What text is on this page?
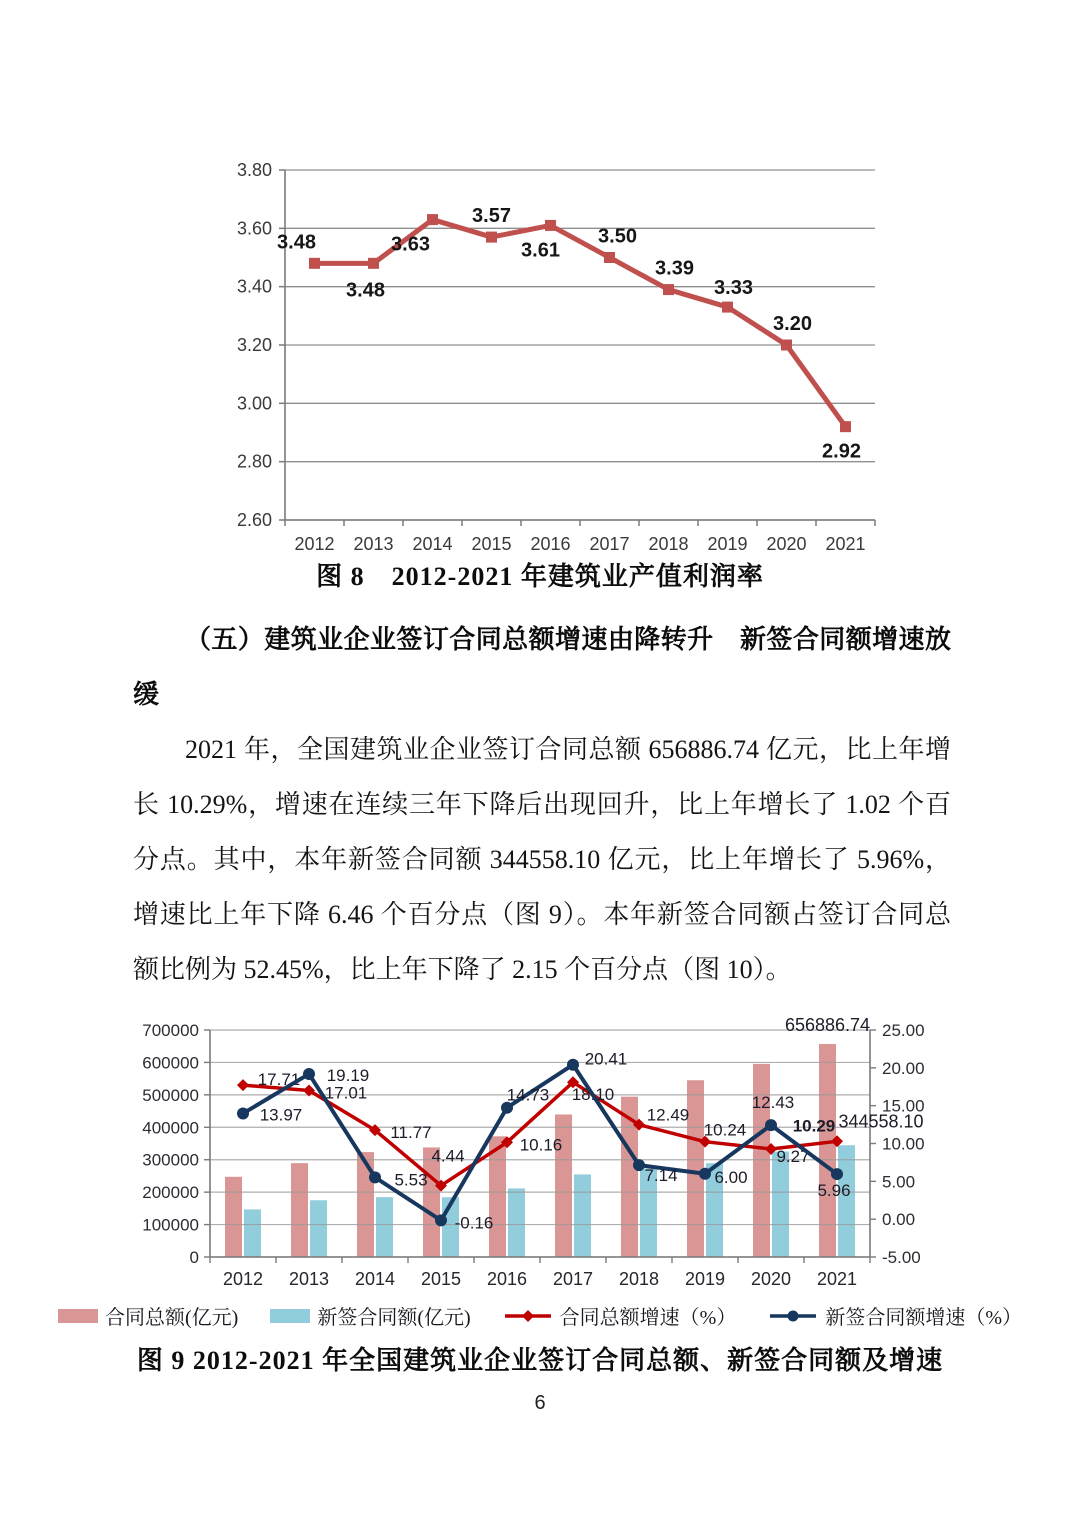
2.60
2.80
3.00
3.20
3.40
3.60
3.80
2012 2013 2014 2015 2016 2017 2018 2019 2020 2021
3.48
3.48
3.63
3.57
3.61
3.50
3.39
3.33
3.20
2.92
图 8　2012-2021 年建筑业产值利润率
（五）建筑业企业签订合同总额增速由降转升　新签合同额增速放缓

2021 年，全国建筑业企业签订合同总额 656886.74 亿元，比上年增长 10.29%，增速在连续三年下降后出现回升，比上年增长了 1.02 个百分点。其中，本年新签合同额 344558.10 亿元，比上年增长了 5.96%，增速比上年下降 6.46 个百分点（图 9）。本年新签合同额占签订合同总额比例为 52.45%，比上年下降了 2.15 个百分点（图 10）。

0
100000
200000
300000
400000
500000
600000
700000
-5.00
0.00
5.00
10.00
15.00
20.00
25.00
2012 2013 2014 2015 2016 2017 2018 2019 2020 2021
656886.74
344558.10
17.71
17.01
11.77
4.44
10.16
18.10
12.49
10.24
9.27
10.29
13.97
19.19
5.53
-0.16
14.73
20.41
7.14 6.00
12.43
5.96
合同总额(亿元)	新签合同额(亿元)	合同总额增速（%）	新签合同额增速（%）
图 9 2012-2021 年全国建筑业企业签订合同总额、新签合同额及增速
6
